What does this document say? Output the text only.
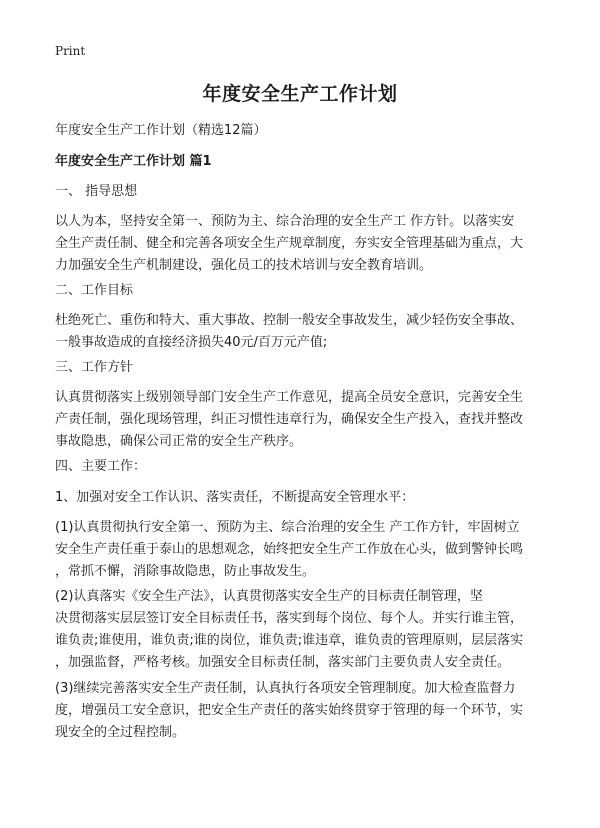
Print
年度安全生产工作计划
年度安全生产工作计划（精选12篇）
年度安全生产工作计划 篇1
一、 指导思想
以人为本，坚持安全第一、预防为主、综合治理的安全生产工 作方针。以落实安
全生产责任制、健全和完善各项安全生产规章制度，夯实安全管理基础为重点，大
力加强安全生产机制建设，强化员工的技术培训与安全教育培训。
二、工作目标
杜绝死亡、重伤和特大、重大事故、控制一般安全事故发生，减少轻伤安全事故、
一般事故造成的直接经济损失40元/百万元产值;
三、工作方针
认真贯彻落实上级别领导部门安全生产工作意见，提高全员安全意识，完善安全生
产责任制，强化现场管理，纠正习惯性违章行为，确保安全生产投入，查找并整改
事故隐患，确保公司正常的安全生产秩序。
四、主要工作：
1、加强对安全工作认识、落实责任，不断提高安全管理水平：
(1)认真贯彻执行安全第一、预防为主、综合治理的安全生 产工作方针，牢固树立
安全生产责任重于泰山的思想观念，始终把安全生产工作放在心头，做到警钟长鸣
，常抓不懈，消除事故隐患，防止事故发生。
(2)认真落实《安全生产法》，认真贯彻落实安全生产的目标责任制管理，坚
决贯彻落实层层签订安全目标责任书，落实到每个岗位、每个人。并实行谁主管，
谁负责;谁使用，谁负责;谁的岗位，谁负责;谁违章，谁负责的管理原则，层层落实
，加强监督，严格考核。加强安全目标责任制，落实部门主要负责人安全责任。
(3)继续完善落实安全生产责任制，认真执行各项安全管理制度。加大检查监督力
度，增强员工安全意识，把安全生产责任的落实始终贯穿于管理的每一个环节，实
现安全的全过程控制。
